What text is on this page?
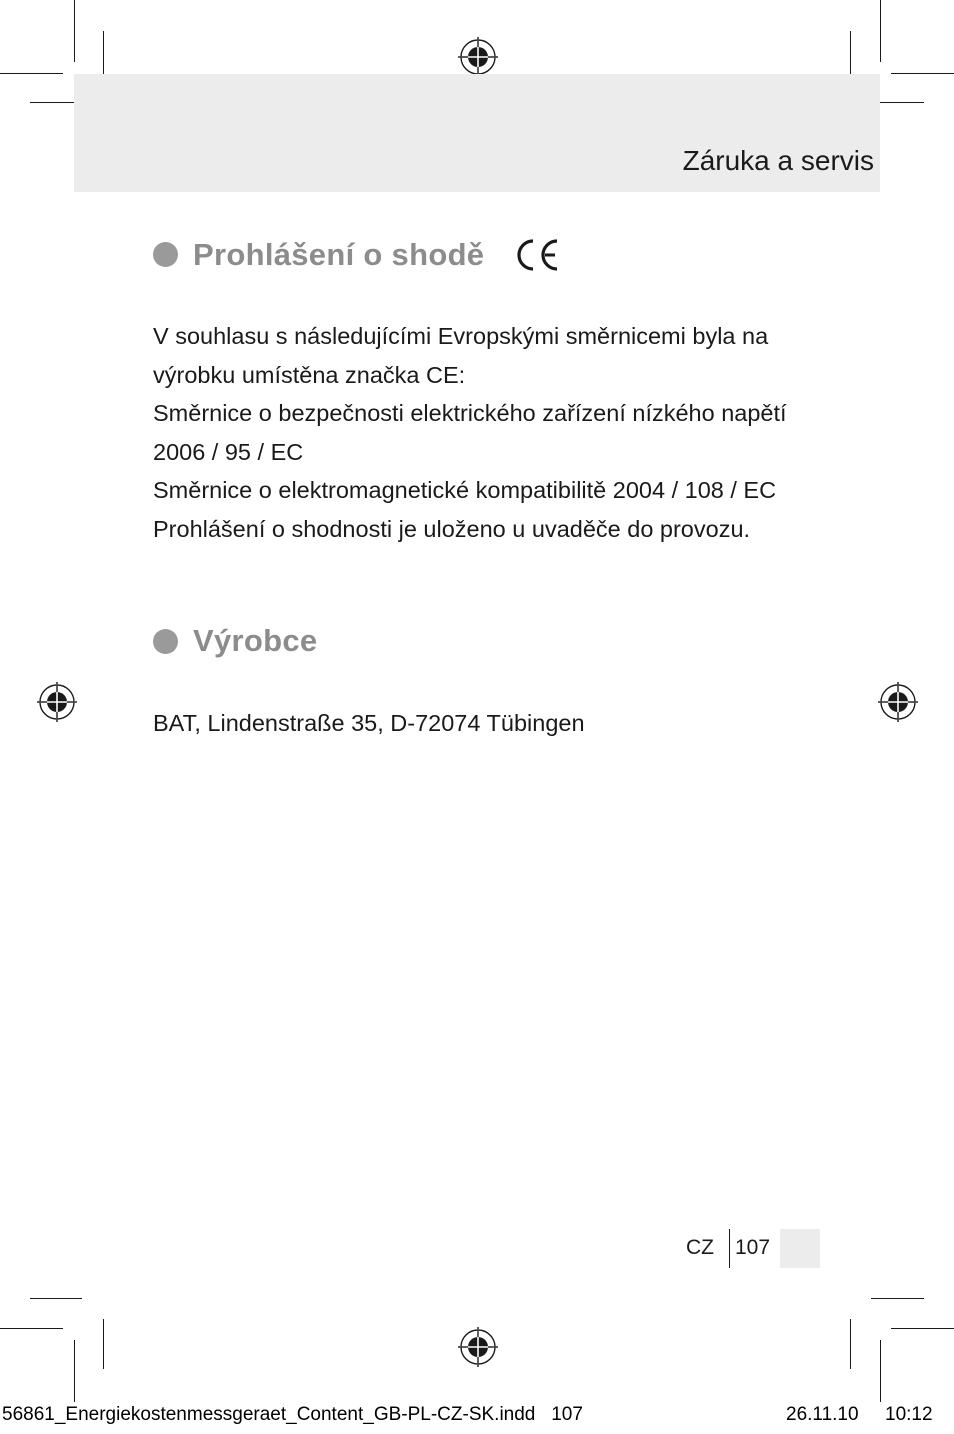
Záruka a servis
Prohlášení o shodě

V souhlasu s následujícími Evropskými směrnicemi byla na

výrobku umístěna značka CE:

Směrnice o bezpečnosti elektrického zařízení nízkého napětí

2006 / 95 / EC

Směrnice o elektromagnetické kompatibilitě 2004 / 108 / EC

Prohlášení o shodnosti je uloženo u uvaděče do provozu.

Výrobce
BAT, Lindenstraße 35, D-72074 Tübingen
CZ 107
56861_Energiekostenmessgeraet_Content_GB-PL-CZ-SK.indd   107	26.11.10 10:12
